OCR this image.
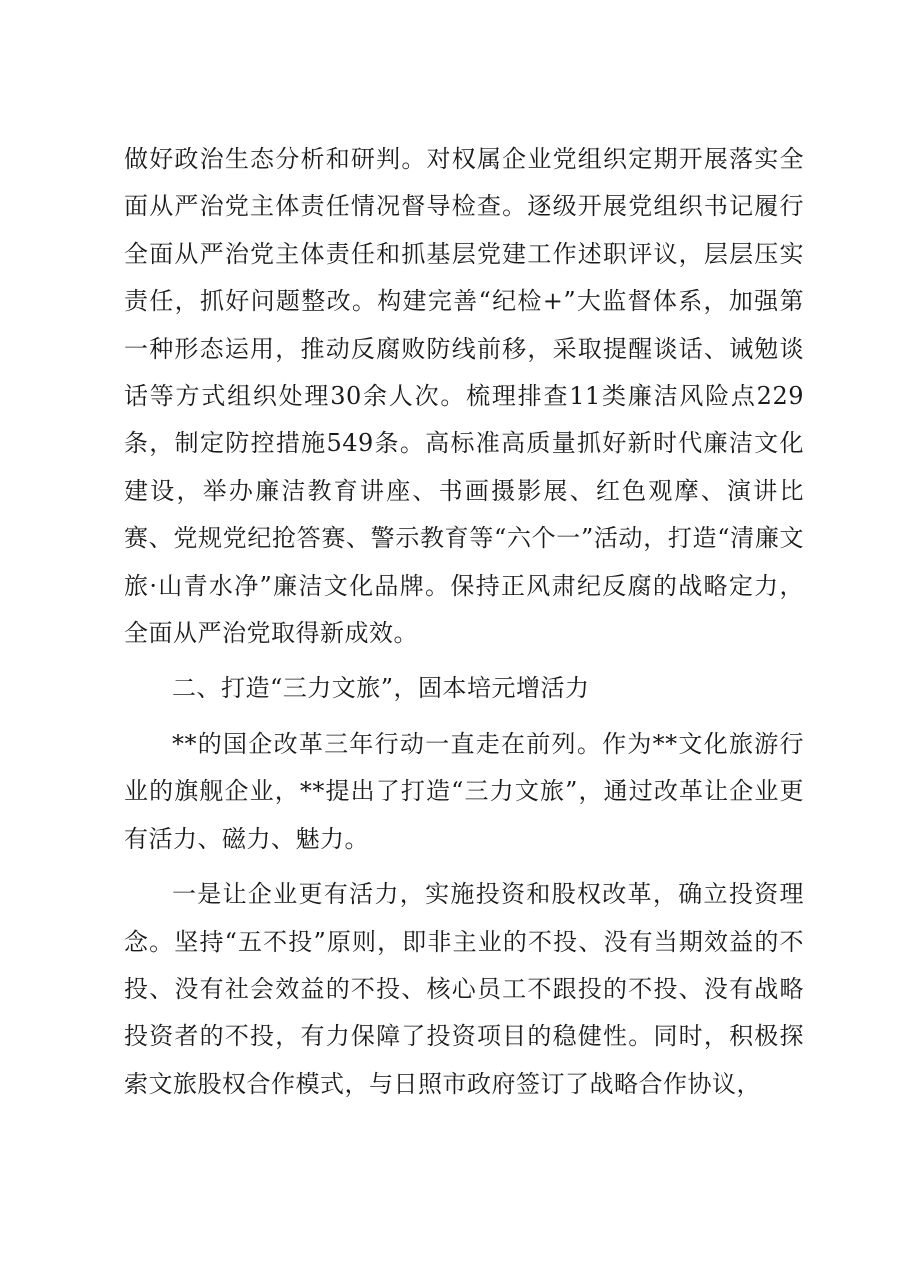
做好政治生态分析和研判。对权属企业党组织定期开展落实全面从严治党主体责任情况督导检查。逐级开展党组织书记履行全面从严治党主体责任和抓基层党建工作述职评议，层层压实责任，抓好问题整改。构建完善“纪检+”大监督体系，加强第一种形态运用，推动反腐败防线前移，采取提醒谈话、诫勉谈话等方式组织处理30余人次。梳理排查11类廉洁风险点229条，制定防控措施549条。高标准高质量抓好新时代廉洁文化建设，举办廉洁教育讲座、书画摄影展、红色观摩、演讲比赛、党规党纪抢答赛、警示教育等“六个一”活动，打造“清廉文旅·山青水净”廉洁文化品牌。保持正风肃纪反腐的战略定力，全面从严治党取得新成效。

二、打造“三力文旅”，固本培元增活力

**的国企改革三年行动一直走在前列。作为**文化旅游行业的旗舰企业，**提出了打造“三力文旅”，通过改革让企业更有活力、磁力、魅力。

一是让企业更有活力，实施投资和股权改革，确立投资理念。坚持“五不投”原则，即非主业的不投、没有当期效益的不投、没有社会效益的不投、核心员工不跟投的不投、没有战略投资者的不投，有力保障了投资项目的稳健性。同时，积极探索文旅股权合作模式，与日照市政府签订了战略合作协议，
